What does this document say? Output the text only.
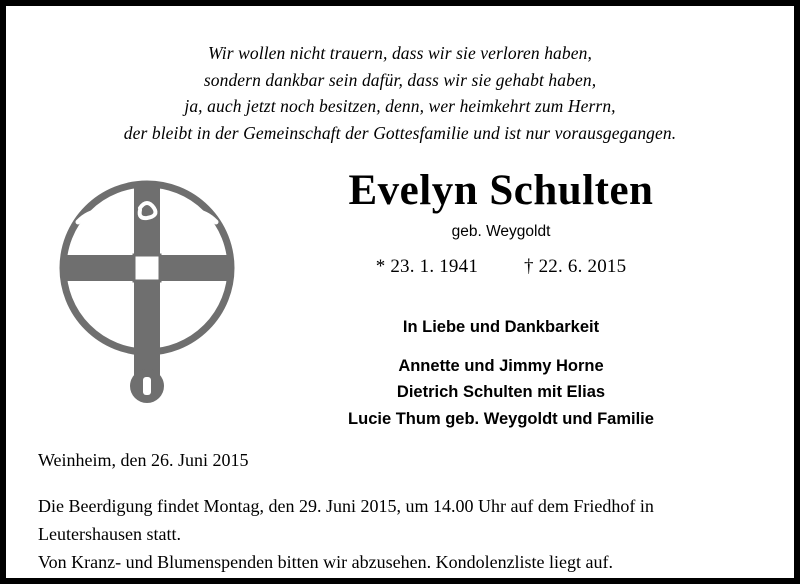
Wir wollen nicht trauern, dass wir sie verloren haben,
sondern dankbar sein dafür, dass wir sie gehabt haben,
ja, auch jetzt noch besitzen, denn, wer heimkehrt zum Herrn,
der bleibt in der Gemeinschaft der Gottesfamilie und ist nur vorausgegangen.
Evelyn Schulten
geb. Weygoldt
* 23. 1. 1941 † 22. 6. 2015
In Liebe und Dankbarkeit
Annette und Jimmy Horne
Dietrich Schulten mit Elias
Lucie Thum geb. Weygoldt und Familie
Weinheim, den 26. Juni 2015
Die Beerdigung findet Montag, den 29. Juni 2015, um 14.00 Uhr auf dem Friedhof in
Leutershausen statt.
Von Kranz- und Blumenspenden bitten wir abzusehen. Kondolenzliste liegt auf.
